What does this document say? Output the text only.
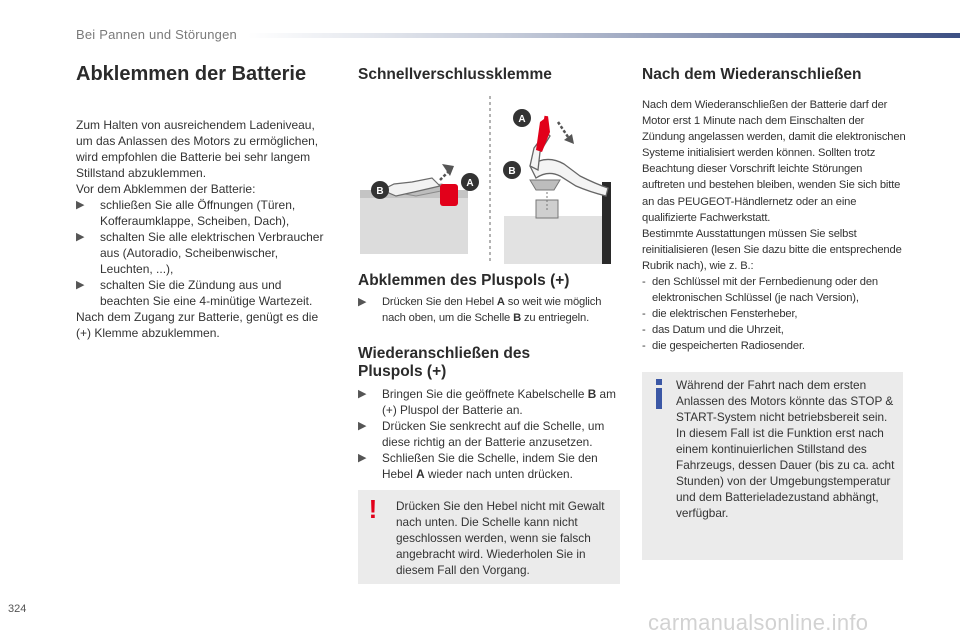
Bei Pannen und Störungen
Abklemmen der Batterie

Zum Halten von ausreichendem Ladeniveau, um das Anlassen des Motors zu ermöglichen, wird empfohlen die Batterie bei sehr langem Stillstand abzuklemmen.

Vor dem Abklemmen der Batterie:

▶ schließen Sie alle Öffnungen (Türen, Kofferaumklappe, Scheiben, Dach),
▶ schalten Sie alle elektrischen Verbraucher aus (Autoradio, Scheibenwischer, Leuchten, ...),
▶ schalten Sie die Zündung aus und beachten Sie eine 4-minütige Wartezeit.

Nach dem Zugang zur Batterie, genügt es die (+) Klemme abzuklemmen.

Schnellverschlussklemme
B
A
A
B
Abklemmen des Pluspols (+)
▶ Drücken Sie den Hebel A so weit wie möglich nach oben, um die Schelle B zu entriegeln.
Wiederanschließen des Pluspols (+)
▶ Bringen Sie die geöffnete Kabelschelle B am (+) Pluspol der Batterie an.
▶ Drücken Sie senkrecht auf die Schelle, um diese richtig an der Batterie anzusetzen.
▶ Schließen Sie die Schelle, indem Sie den Hebel A wieder nach unten drücken.
! Drücken Sie den Hebel nicht mit Gewalt nach unten. Die Schelle kann nicht geschlossen werden, wenn sie falsch angebracht wird. Wiederholen Sie in diesem Fall den Vorgang.
Nach dem Wiederanschließen

Nach dem Wiederanschließen der Batterie darf der Motor erst 1 Minute nach dem Einschalten der Zündung angelassen werden, damit die elektronischen Systeme initialisiert werden können. Sollten trotz Beachtung dieser Vorschrift leichte Störungen auftreten und bestehen bleiben, wenden Sie sich bitte an das PEUGEOT-Händlernetz oder an eine qualifizierte Fachwerkstatt.

Bestimmte Ausstattungen müssen Sie selbst reinitialisieren (lesen Sie dazu bitte die entsprechende Rubrik nach), wie z. B.:

- den Schlüssel mit der Fernbedienung oder den elektronischen Schlüssel (je nach Version),
- die elektrischen Fensterheber,
- das Datum und die Uhrzeit,
- die gespeicherten Radiosender.
Während der Fahrt nach dem ersten Anlassen des Motors könnte das STOP & START-System nicht betriebsbereit sein. In diesem Fall ist die Funktion erst nach einem kontinuierlichen Stillstand des Fahrzeugs, dessen Dauer (bis zu ca. acht Stunden) von der Umgebungstemperatur und dem Batterieladezustand abhängt, verfügbar.
324
carmanualsonline.info
